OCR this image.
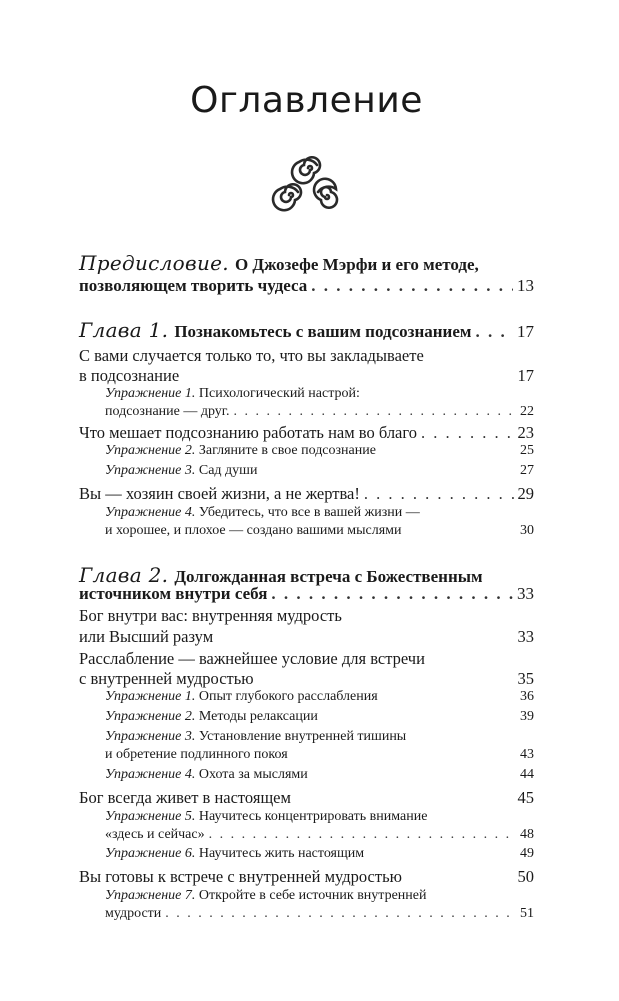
Оглавление
Предисловие. О Джозефе Мэрфи и его методе,
позволяющем творить чудеса . . .	13
Глава 1. Познакомьтесь с вашим подсознанием . . .	17
С вами случается только то, что вы закладываете
в подсознание	17
Упражнение 1. Психологический настрой:
подсознание — друг. . . .	22
Что мешает подсознанию работать нам во благо . . .	23
Упражнение 2. Загляните в свое подсознание	25
Упражнение 3. Сад души	27
Вы — хозяин своей жизни, а не жертва! . . .	29
Упражнение 4. Убедитесь, что все в вашей жизни —
и хорошее, и плохое — создано вашими мыслями	30
Глава 2. Долгожданная встреча с Божественным
источником внутри себя . . .	33
Бог внутри вас: внутренняя мудрость
или Высший разум	33
Расслабление — важнейшее условие для встречи
с внутренней мудростью	35
Упражнение 1. Опыт глубокого расслабления	36
Упражнение 2. Методы релаксации	39
Упражнение 3. Установление внутренней тишины
и обретение подлинного покоя	43
Упражнение 4. Охота за мыслями	44
Бог всегда живет в настоящем	45
Упражнение 5. Научитесь концентрировать внимание
«здесь и сейчас» . . .	48
Упражнение 6. Научитесь жить настоящим	49
Вы готовы к встрече с внутренней мудростью	50
Упражнение 7. Откройте в себе источник внутренней
мудрости . . .	51
